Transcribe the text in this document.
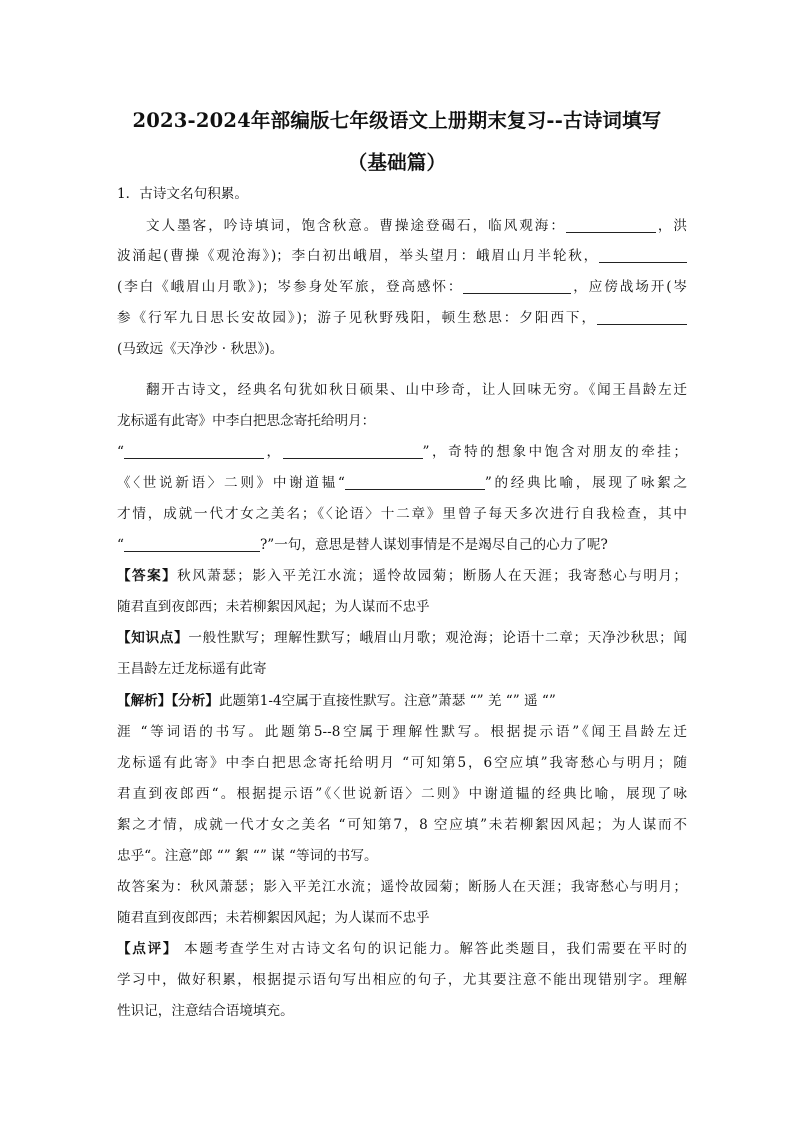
2023-2024年部编版七年级语文上册期末复习--古诗词填写
（基础篇）
1．古诗文名句积累。
文人墨客，吟诗填词，饱含秋意。曹操途登碣石，临风观海：	，洪
波涌起(曹操《观沧海》)；李白初出峨眉，举头望月：峨眉山月半轮秋，
(李白《峨眉山月歌》)；岑参身处军旅，登高感怀：	，应傍战场开(岑
参《行军九日思长安故园》)；游子见秋野残阳，顿生愁思：夕阳西下，
(马致远《天净沙 · 秋思》)。
翻开古诗文，经典名句犹如秋日硕果、山中珍奇，让人回味无穷。《闻王昌龄左迁
龙标遥有此寄》中李白把思念寄托给明月：
“	，	”，奇特的想象中饱含对朋友的牵挂；
《〈世说新语〉二则》中谢道韫“	”的经典比喻，展现了咏絮之
才情，成就一代才女之美名；《〈论语〉十二章》里曾子每天多次进行自我检查，其中
“	?”一句，意思是替人谋划事情是不是竭尽自己的心力了呢?
【答案】秋风萧瑟；影入平羌江水流；遥怜故园菊；断肠人在天涯；我寄愁心与明月；
随君直到夜郎西；未若柳絮因风起；为人谋而不忠乎
【知识点】一般性默写；理解性默写；峨眉山月歌；观沧海；论语十二章；天净沙秋思；闻
王昌龄左迁龙标遥有此寄
【解析】【分析】此题第1-4空属于直接性默写。注意”萧瑟 “” 羌 “” 遥 “”
涯 “等词语的书写。此题第5--8空属于理解性默写。根据提示语”《闻王昌龄左迁
龙标遥有此寄》中李白把思念寄托给明月 “可知第5，6空应填”我寄愁心与明月；随
君直到夜郎西“。根据提示语”《〈世说新语〉二则》中谢道韫的经典比喻，展现了咏
絮之才情，成就一代才女之美名 “可知第7，8 空应填”未若柳絮因风起；为人谋而不
忠乎“。注意”郎 “” 絮 “” 谋 “等词的书写。
故答案为：秋风萧瑟；影入平羌江水流；遥怜故园菊；断肠人在天涯；我寄愁心与明月；
随君直到夜郎西；未若柳絮因风起；为人谋而不忠乎
【点评】 本题考查学生对古诗文名句的识记能力。解答此类题目，我们需要在平时的
学习中，做好积累，根据提示语句写出相应的句子，尤其要注意不能出现错别字。理解
性识记，注意结合语境填充。
